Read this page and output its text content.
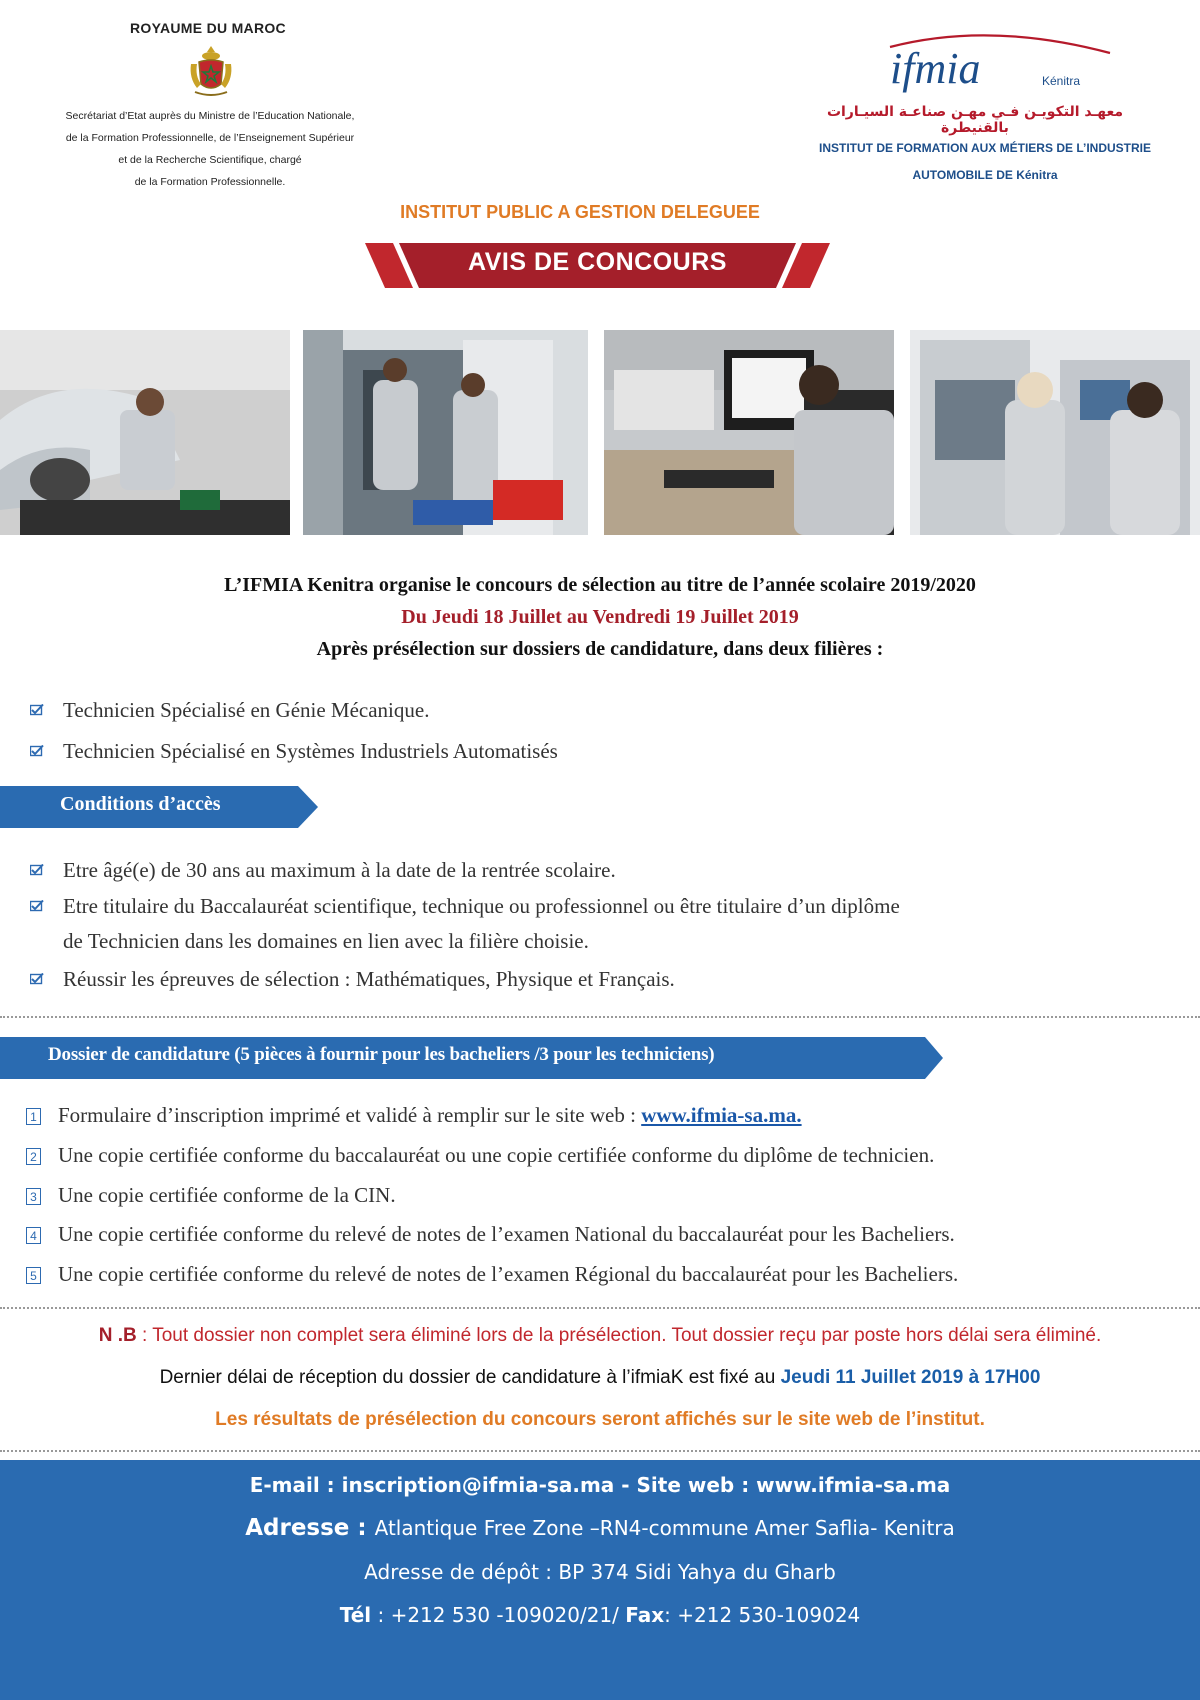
ROYAUME DU MAROC
Secrétariat d’Etat auprès du Ministre de l’Education Nationale,
de la Formation Professionnelle, de l’Enseignement Supérieur
et de la Recherche Scientifique, chargé
de la Formation Professionnelle.
ifmia	Kénitra
معهـد التكويـن فـي مهـن صناعـة السيـارات بالقنيطرة
INSTITUT DE FORMATION AUX MÉTIERS DE L’INDUSTRIE
AUTOMOBILE DE Kénitra
INSTITUT PUBLIC A GESTION DELEGUEE
AVIS DE CONCOURS
L’IFMIA Kenitra organise le concours de sélection au titre de l’année scolaire 2019/2020
Du Jeudi 18 Juillet au Vendredi 19 Juillet 2019
Après présélection sur dossiers de candidature, dans deux filières :
Technicien Spécialisé en Génie Mécanique.
Technicien Spécialisé en Systèmes Industriels Automatisés
Conditions d’accès
Etre âgé(e) de 30 ans au maximum à la date de la rentrée scolaire.
Etre titulaire du Baccalauréat scientifique, technique ou professionnel ou être titulaire d’un diplôme
de Technicien dans les domaines en lien avec la filière choisie.
Réussir les épreuves de sélection : Mathématiques, Physique et Français.
Dossier de candidature (5 pièces à fournir pour les bacheliers /3 pour les techniciens)
1 Formulaire d’inscription imprimé et validé à remplir sur le site web : www.ifmia-sa.ma.
2 Une copie certifiée conforme du baccalauréat ou une copie certifiée conforme du diplôme de technicien.
3 Une copie certifiée conforme de la CIN.
4 Une copie certifiée conforme du relevé de notes de l’examen National du baccalauréat pour les Bacheliers.
5 Une copie certifiée conforme du relevé de notes de l’examen Régional du baccalauréat pour les Bacheliers.
N .B : Tout dossier non complet sera éliminé lors de la présélection. Tout dossier reçu par poste hors délai sera éliminé.
Dernier délai de réception du dossier de candidature à l’ifmiaK est fixé au Jeudi 11 Juillet 2019 à 17H00
Les résultats de présélection du concours seront affichés sur le site web de l’institut.
E-mail : inscription@ifmia-sa.ma - Site web : www.ifmia-sa.ma
Adresse : Atlantique Free Zone –RN4-commune Amer Saflia- Kenitra
Adresse de dépôt : BP 374 Sidi Yahya du Gharb
Tél : +212 530 -109020/21/ Fax: +212 530-109024
